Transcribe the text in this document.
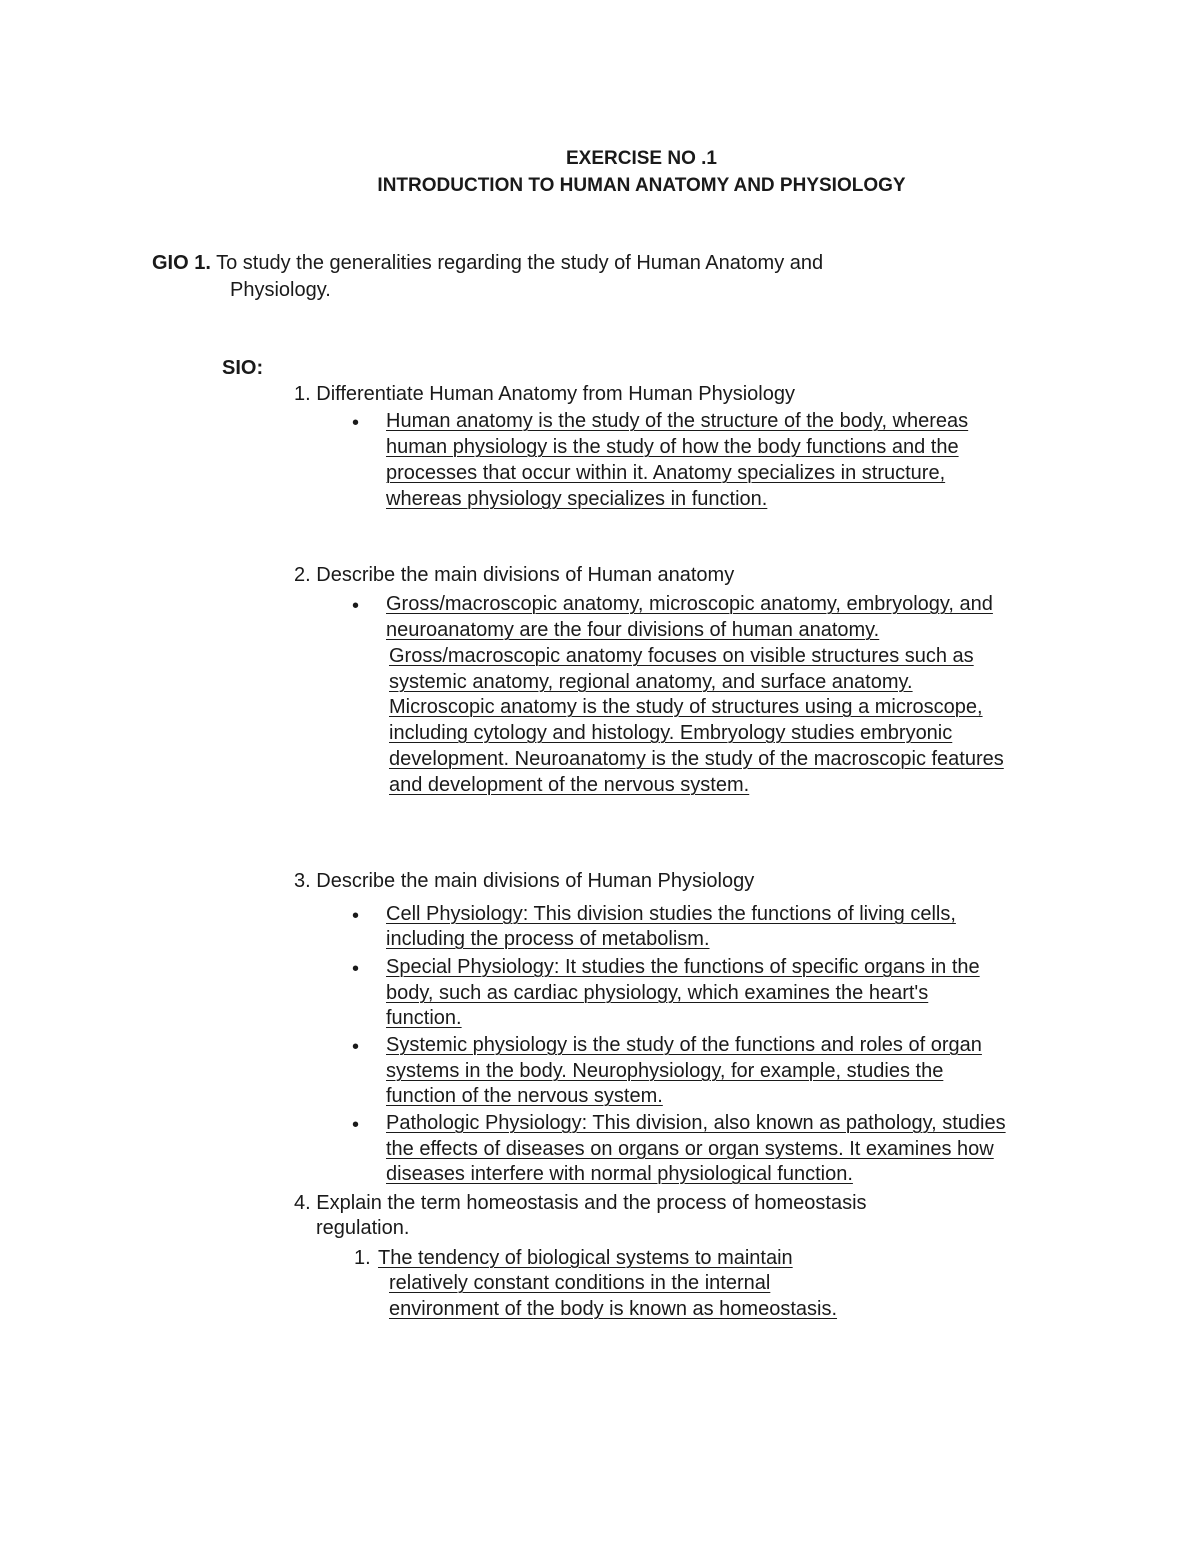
EXERCISE NO .1
INTRODUCTION TO HUMAN ANATOMY AND PHYSIOLOGY
GIO 1. To study the generalities regarding the study of Human Anatomy and
Physiology.
SIO:
1. Differentiate Human Anatomy from Human Physiology
• Human anatomy is the study of the structure of the body, whereas
human physiology is the study of how the body functions and the
processes that occur within it. Anatomy specializes in structure,
whereas physiology specializes in function.
2. Describe the main divisions of Human anatomy
• Gross/macroscopic anatomy, microscopic anatomy, embryology, and
neuroanatomy are the four divisions of human anatomy.
Gross/macroscopic anatomy focuses on visible structures such as
systemic anatomy, regional anatomy, and surface anatomy.
Microscopic anatomy is the study of structures using a microscope,
including cytology and histology. Embryology studies embryonic
development. Neuroanatomy is the study of the macroscopic features
and development of the nervous system.
3. Describe the main divisions of Human Physiology
• Cell Physiology: This division studies the functions of living cells,
including the process of metabolism.
• Special Physiology: It studies the functions of specific organs in the
body, such as cardiac physiology, which examines the heart's
function.
• Systemic physiology is the study of the functions and roles of organ
systems in the body. Neurophysiology, for example, studies the
function of the nervous system.
• Pathologic Physiology: This division, also known as pathology, studies
the effects of diseases on organs or organ systems. It examines how
diseases interfere with normal physiological function.
4. Explain the term homeostasis and the process of homeostasis
regulation.
1. The tendency of biological systems to maintain
relatively constant conditions in the internal
environment of the body is known as homeostasis.
